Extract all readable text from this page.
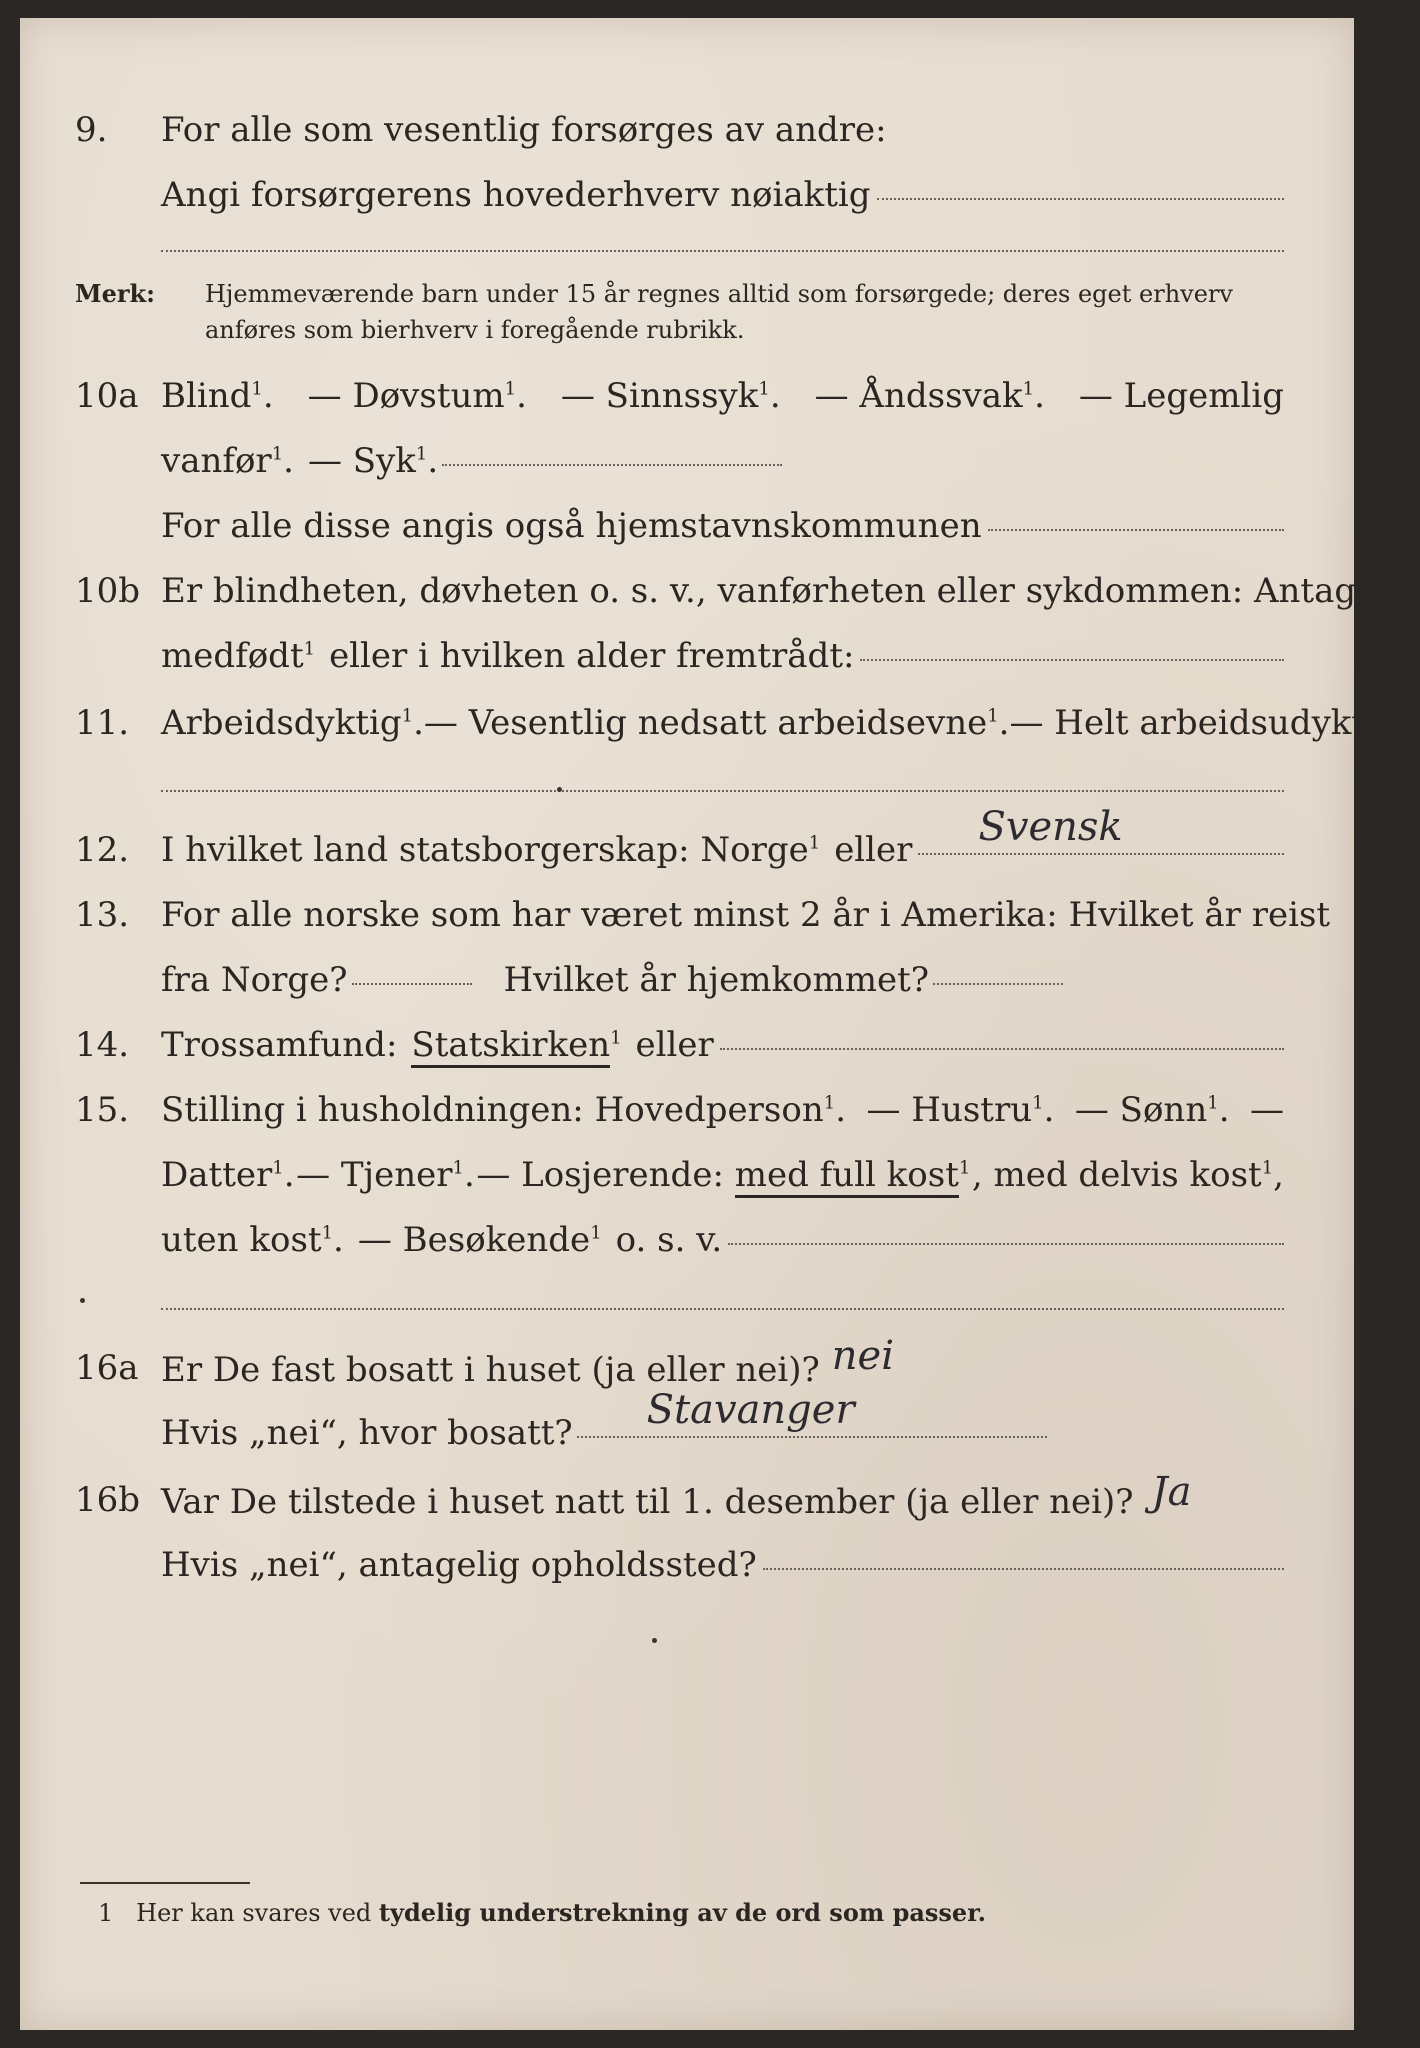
9. For alle som vesentlig forsørges av andre:
Angi forsørgerens hovederhverv nøiaktig
Merk: Hjemmeværende barn under 15 år regnes alltid som forsørgede; deres eget erhverv anføres som bierhverv i foregående rubrikk.
10a Blind$^1$. — Døvstum$^1$. — Sinnssyk$^1$. — Åndssvak$^1$. — Legemlig
vanfør$^1$. — Syk$^1$.
For alle disse angis også hjemstavnskommunen
10b Er blindheten, døvheten o. s. v., vanførheten eller sykdommen: Antagelig
medfødt$^1$ eller i hvilken alder fremtrådt:
11. Arbeidsdyktig$^1$. — Vesentlig nedsatt arbeidsevne$^1$. — Helt arbeidsudyktig$^1$.
12. I hvilket land statsborgerskap: Norge$^1$ eller Svensk
13. For alle norske som har været minst 2 år i Amerika: Hvilket år reist
fra Norge?	Hvilket år hjemkommet?
14. Trossamfund: Statskirken$^1$ eller
15. Stilling i husholdningen: Hovedperson$^1$. — Hustru$^1$. — Sønn$^1$. —
Datter$^1$. — Tjener$^1$. — Losjerende: med full kost$^1$ , med delvis kost$^1$,
uten kost$^1$. — Besøkende$^1$ o. s. v.
16a Er De fast bosatt i huset (ja eller nei)? nei
Hvis „nei“, hvor bosatt? Stavanger
16b Var De tilstede i huset natt til 1. desember (ja eller nei)? Ja
Hvis „nei“, antagelig opholdssted?
1 Her kan svares ved tydelig understrekning av de ord som passer.
